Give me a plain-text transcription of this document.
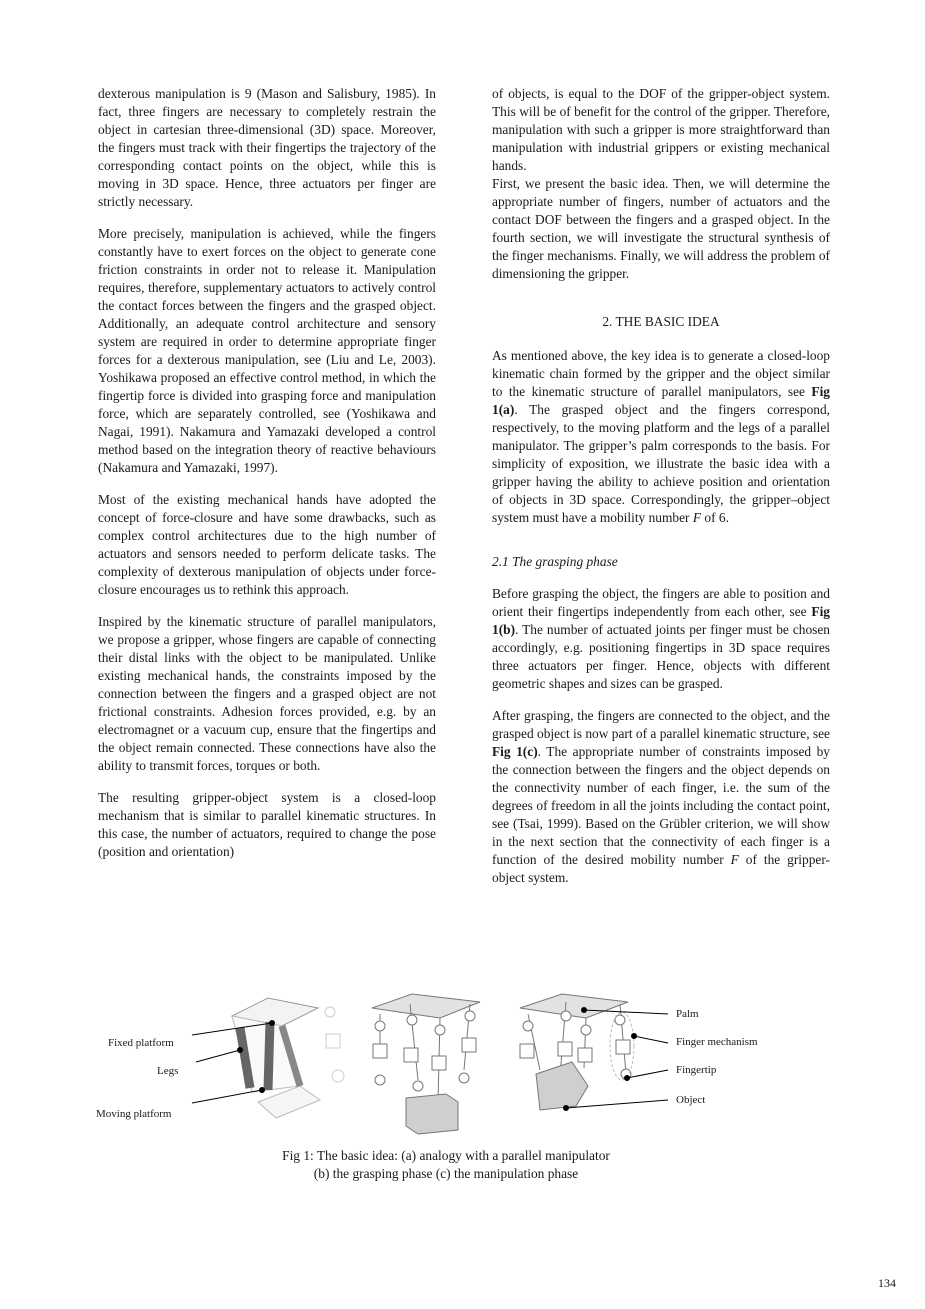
dexterous manipulation is 9 (Mason and Salisbury, 1985). In fact, three fingers are necessary to completely restrain the object in cartesian three-dimensional (3D) space. Moreover, the fingers must track with their fingertips the trajectory of the corresponding contact points on the object, while this is moving in 3D space. Hence, three actuators per finger are strictly necessary.

More precisely, manipulation is achieved, while the fingers constantly have to exert forces on the object to generate cone friction constraints in order not to release it. Manipulation requires, therefore, supplementary actuators to actively control the contact forces between the fingers and the grasped object. Additionally, an adequate control architecture and sensory system are required in order to determine appropriate finger forces for a dexterous manipulation, see (Liu and Le, 2003). Yoshikawa proposed an effective control method, in which the fingertip force is divided into grasping force and manipulation force, which are separately controlled, see (Yoshikawa and Nagai, 1991). Nakamura and Yamazaki developed a control method based on the integration theory of reactive behaviours (Nakamura and Yamazaki, 1997).

Most of the existing mechanical hands have adopted the concept of force-closure and have some drawbacks, such as complex control architectures due to the high number of actuators and sensors needed to perform delicate tasks. The complexity of dexterous manipulation of objects under force-closure encourages us to rethink this approach.

Inspired by the kinematic structure of parallel manipulators, we propose a gripper, whose fingers are capable of connecting their distal links with the object to be manipulated. Unlike existing mechanical hands, the constraints imposed by the connection between the fingers and a grasped object are not frictional constraints. Adhesion forces provided, e.g. by an electromagnet or a vacuum cup, ensure that the fingertips and the object remain connected. These connections have also the ability to transmit forces, torques or both.

The resulting gripper-object system is a closed-loop mechanism that is similar to parallel kinematic structures. In this case, the number of actuators, required to change the pose (position and orientation)

of objects, is equal to the DOF of the gripper-object system. This will be of benefit for the control of the gripper. Therefore, manipulation with such a gripper is more straightforward than manipulation with industrial grippers or existing mechanical hands.

First, we present the basic idea. Then, we will determine the appropriate number of fingers, number of actuators and the contact DOF between the fingers and a grasped object. In the fourth section, we will investigate the structural synthesis of the finger mechanisms. Finally, we will address the problem of dimensioning the gripper.

2. THE BASIC IDEA

As mentioned above, the key idea is to generate a closed-loop kinematic chain formed by the gripper and the object similar to the kinematic structure of parallel manipulators, see Fig 1(a). The grasped object and the fingers correspond, respectively, to the moving platform and the legs of a parallel manipulator. The gripper’s palm corresponds to the basis. For simplicity of exposition, we illustrate the basic idea with a gripper having the ability to achieve position and orientation of objects in 3D space. Correspondingly, the gripper–object system must have a mobility number F of 6.

2.1 The grasping phase

Before grasping the object, the fingers are able to position and orient their fingertips independently from each other, see Fig 1(b). The number of actuated joints per finger must be chosen accordingly, e.g. positioning fingertips in 3D space requires three actuators per finger. Hence, objects with different geometric shapes and sizes can be grasped.

After grasping, the fingers are connected to the object, and the grasped object is now part of a parallel kinematic structure, see Fig 1(c). The appropriate number of constraints imposed by the connection between the fingers and the object depends on the connectivity number of each finger, i.e. the sum of the degrees of freedom in all the joints including the contact point, see (Tsai, 1999). Based on the Grübler criterion, we will show in the next section that the connectivity of each finger is a function of the desired mobility number F of the gripper-object system.

Fixed platform
Legs
Moving platform
Palm
Finger mechanism
Fingertip
Object
Fig 1: The basic idea: (a) analogy with a parallel manipulator
(b) the grasping phase (c) the manipulation phase
134
